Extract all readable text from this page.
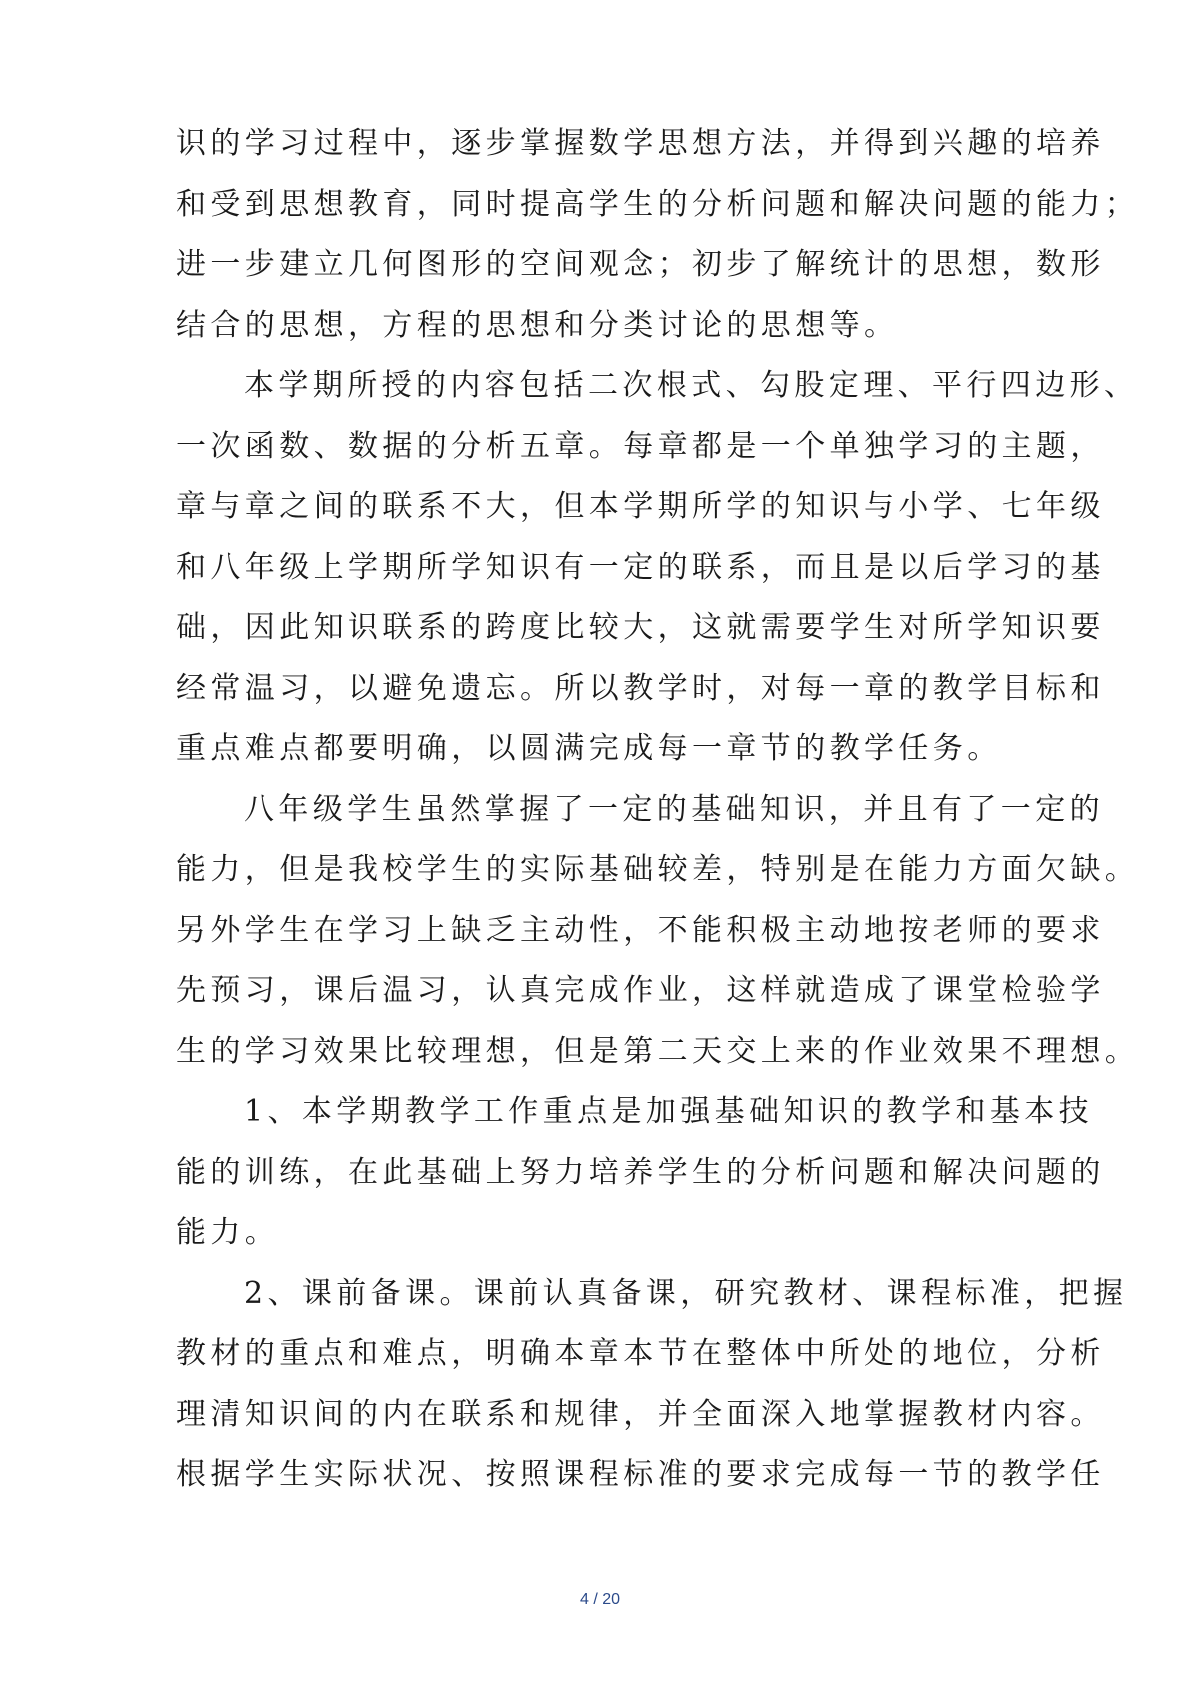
识的学习过程中，逐步掌握数学思想方法，并得到兴趣的培养
和受到思想教育，同时提高学生的分析问题和解决问题的能力；
进一步建立几何图形的空间观念；初步了解统计的思想，数形
结合的思想，方程的思想和分类讨论的思想等。

本学期所授的内容包括二次根式、勾股定理、平行四边形、
一次函数、数据的分析五章。每章都是一个单独学习的主题，
章与章之间的联系不大，但本学期所学的知识与小学、七年级
和八年级上学期所学知识有一定的联系，而且是以后学习的基
础，因此知识联系的跨度比较大，这就需要学生对所学知识要
经常温习，以避免遗忘。所以教学时，对每一章的教学目标和
重点难点都要明确，以圆满完成每一章节的教学任务。

八年级学生虽然掌握了一定的基础知识，并且有了一定的
能力，但是我校学生的实际基础较差，特别是在能力方面欠缺。
另外学生在学习上缺乏主动性，不能积极主动地按老师的要求
先预习，课后温习，认真完成作业，这样就造成了课堂检验学
生的学习效果比较理想，但是第二天交上来的作业效果不理想。

1、本学期教学工作重点是加强基础知识的教学和基本技
能的训练，在此基础上努力培养学生的分析问题和解决问题的
能力。

2、课前备课。课前认真备课，研究教材、课程标准，把握
教材的重点和难点，明确本章本节在整体中所处的地位，分析
理清知识间的内在联系和规律，并全面深入地掌握教材内容。
根据学生实际状况、按照课程标准的要求完成每一节的教学任

4 / 20
